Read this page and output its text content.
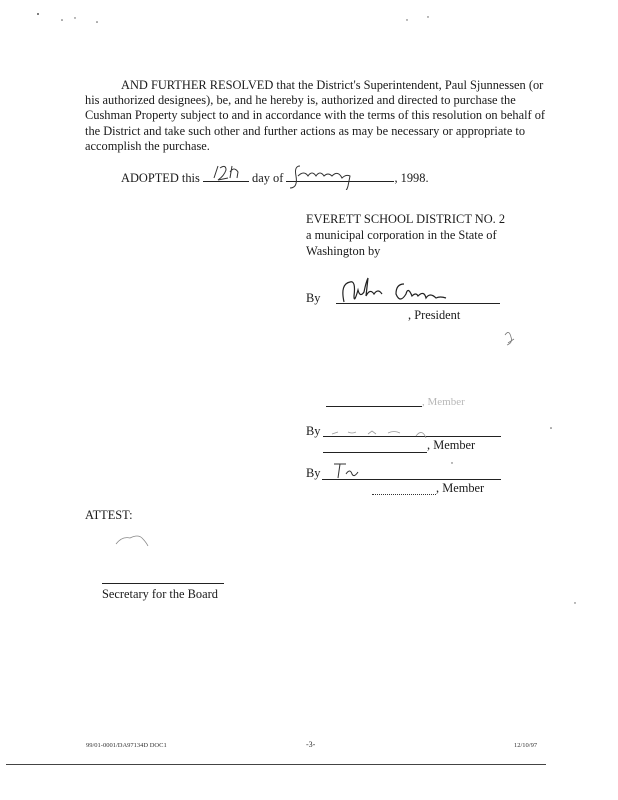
AND FURTHER RESOLVED that the District's Superintendent, Paul Sjunnessen (or his authorized designees), be, and he hereby is, authorized and directed to purchase the Cushman Property subject to and in accordance with the terms of this resolution on behalf of the District and take such other and further actions as may be necessary or appropriate to accomplish the purchase.
ADOPTED this	day of	, 1998.
EVERETT SCHOOL DISTRICT NO. 2
a municipal corporation in the State of
Washington by
By
, President
, Member
By
, Member
By
, Member
ATTEST:
Secretary for the Board
99/01-0001/DA97134D DOC1	-3-	12/10/97
